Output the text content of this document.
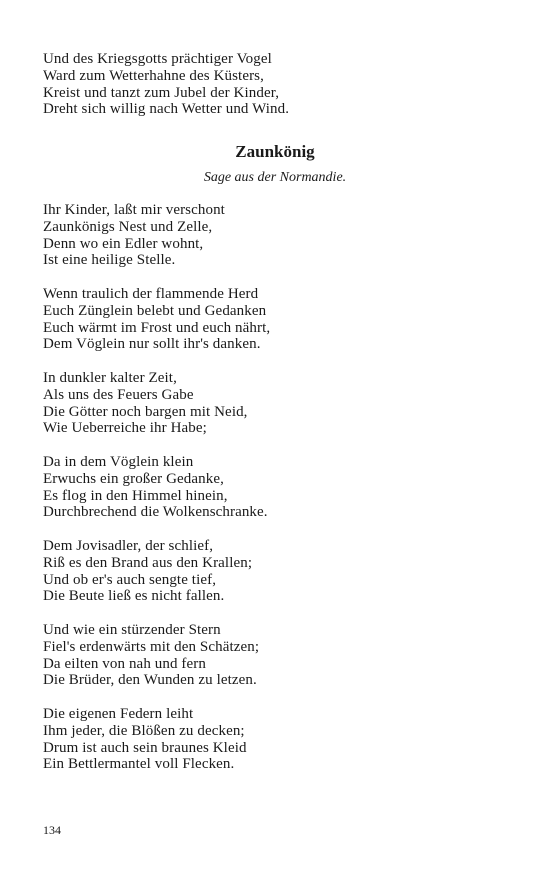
Und des Kriegsgotts prächtiger Vogel
Ward zum Wetterhahne des Küsters,
Kreist und tanzt zum Jubel der Kinder,
Dreht sich willig nach Wetter und Wind.
Zaunkönig

Sage aus der Normandie.

Ihr Kinder, laßt mir verschont
Zaunkönigs Nest und Zelle,
Denn wo ein Edler wohnt,
Ist eine heilige Stelle.
Wenn traulich der flammende Herd
Euch Zünglein belebt und Gedanken
Euch wärmt im Frost und euch nährt,
Dem Vöglein nur sollt ihr's danken.
In dunkler kalter Zeit,
Als uns des Feuers Gabe
Die Götter noch bargen mit Neid,
Wie Ueberreiche ihr Habe;
Da in dem Vöglein klein
Erwuchs ein großer Gedanke,
Es flog in den Himmel hinein,
Durchbrechend die Wolkenschranke.
Dem Jovisadler, der schlief,
Riß es den Brand aus den Krallen;
Und ob er's auch sengte tief,
Die Beute ließ es nicht fallen.
Und wie ein stürzender Stern
Fiel's erdenwärts mit den Schätzen;
Da eilten von nah und fern
Die Brüder, den Wunden zu letzen.
Die eigenen Federn leiht
Ihm jeder, die Blößen zu decken;
Drum ist auch sein braunes Kleid
Ein Bettlermantel voll Flecken.
134
